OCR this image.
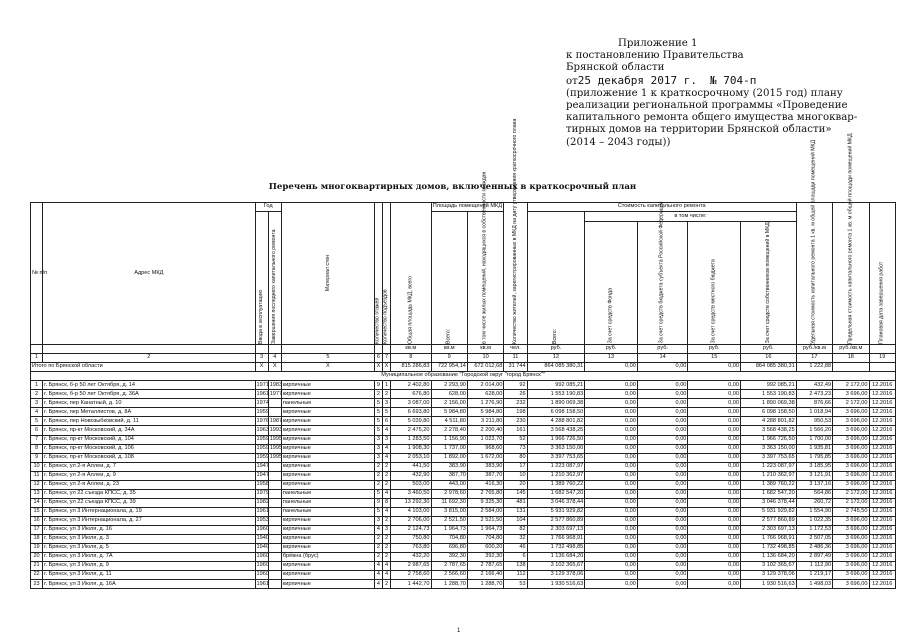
Приложение 1
к постановлению Правительства
Брянской области
от25 декабря 2017 г. № 704-п
(приложение 1 к краткосрочному (2015 год) плану
реализации региональной программы «Проведение
капитального ремонта общего имущества многоквар-
тирных домов на территории Брянской области»
(2014 – 2043 годы))
Перечень многоквартирных домов, включенных в краткосрочный план
№ п/п	Адрес МКД	Год		Материал стен	Количество этажей	Количество подъездов	Общая площадь МКД, всего	Площадь помещений МКД		Количество жителей, зарегистрированных в МКД на дату утверждения краткосрочного плана	Стоимость капитального ремонта					Удельная стоимость капитального ремонта 1 кв. м общей площади помещений МКД	Предельная стоимость капитального ремонта 1 кв. м общей площади помещений МКД	Плановая дата завершения работ
		Ввода в эксплуатацию	Завершения последнего капитального ремонта					Всего:	в том числе жилых помещений, находящихся в собственности граждан		Всего:	в том числе:						
												За счет средств Фонда	За счет средств бюджета субъекта Российской Федерации	За счет средств местного бюджета	За счет средств собственников помещений в МКД			
							кв.м	кв.м	кв.м	чел.	руб.	руб.	руб.	руб.	руб.	руб./кв.м	руб./кв.м	
1	2	3	4	5	6	7	8	9	10	11	12	13	14	15	16	17	18	19
Итого по Брянской области		X	X	X	X	X	815 286,83	722 954,14	672 012,68	31 744	864 085 380,31	0,00	0,00	0,00	864 085 380,31	1 222,88		
Муниципальное образование "Городской округ "город Брянск""																		
1	г. Брянск, б-р 50 лет Октября, д. 14	1971	1983	кирпичные	9	1	2 402,80	2 293,90	2 014,00	92	992 085,21	0,00	0,00	0,00	992 085,21	432,49	2 172,00	12.2016
2	г. Брянск, б-р 50 лет Октября, д. 36А	1961	1977	кирпичные	2	2	676,80	628,00	628,00	26	1 553 190,83	0,00	0,00	0,00	1 553 190,83	2 473,23	3 696,00	12.2016
3	г. Брянск, пер Канатный, д. 10	1974		панельные	5	3	3 087,00	2 156,00	1 276,90	232	1 890 069,38	0,00	0,00	0,00	1 890 069,38	876,66	2 172,00	12.2016
4	г. Брянск, пер Металлистов, д. 8А	1959		кирпичные	5	5	6 693,80	5 984,80	5 984,80	198	6 098 158,50	0,00	0,00	0,00	6 098 158,50	1 018,94	3 696,00	12.2016
5	г. Брянск, пер Новозыбковский, д. 11	1976	1987	кирпичные	5	6	5 039,80	4 511,80	3 211,80	230	4 288 801,82	0,00	0,00	0,00	4 288 801,82	950,53	3 696,00	12.2016
6	г. Брянск, пр-кт Московский, д. 34А	1963	1993	кирпичные	5	4	2 475,20	2 278,40	2 200,40	161	3 568 438,25	0,00	0,00	0,00	3 568 438,25	1 566,20	3 696,00	12.2016
7	г. Брянск, пр-кт Московский, д. 104	1959	1995	кирпичные	3	3	1 283,50	1 156,90	1 023,70	52	1 966 726,50	0,00	0,00	0,00	1 966 726,50	1 700,00	3 696,00	12.2016
8	г. Брянск, пр-кт Московский, д. 106	1959	1995	кирпичные	3	4	1 908,30	1 737,00	968,60	73	3 363 150,00	0,00	0,00	0,00	3 363 150,00	1 935,81	3 696,00	12.2016
9	г. Брянск, пр-кт Московский, д. 108	1959	1995	кирпичные	3	4	2 053,10	1 892,00	1 672,00	80	3 397 753,65	0,00	0,00	0,00	3 397 753,65	1 795,85	3 696,00	12.2016
10	г. Брянск, ул 2-я Аллеи, д. 7	1947		кирпичные	2	2	441,50	383,90	383,90	17	1 223 087,97	0,00	0,00	0,00	1 223 087,97	3 185,95	3 696,00	12.2016
11	г. Брянск, ул 2-я Аллеи, д. 9	1947		кирпичные	2	2	432,90	387,70	387,70	10	1 210 362,97	0,00	0,00	0,00	1 210 362,97	3 121,91	3 696,00	12.2016
12	г. Брянск, ул 2-я Аллеи, д. 23	1958		кирпичные	2	2	503,00	443,00	416,30	20	1 389 760,22	0,00	0,00	0,00	1 389 760,22	3 137,16	3 696,00	12.2016
13	г. Брянск, ул 22 съезда КПСС, д. 35	1979		панельные	5	4	3 460,50	2 978,60	2 765,80	145	1 682 547,20	0,00	0,00	0,00	1 682 547,20	564,86	2 172,00	12.2016
14	г. Брянск, ул 22 съезда КПСС, д. 39	1982		панельные	9	8	13 292,30	11 692,30	9 325,30	481	3 046 378,44	0,00	0,00	0,00	3 046 378,44	260,72	2 172,00	12.2016
15	г. Брянск, ул 3 Интернационала, д. 19	1961		панельные	5	4	4 103,00	3 815,00	2 584,00	131	5 931 929,82	0,00	0,00	0,00	5 931 929,82	1 554,90	2 745,50	12.2016
16	г. Брянск, ул 3 Интернационала, д. 27	1953		кирпичные	3	2	2 706,00	2 521,50	2 521,50	104	2 577 860,89	0,00	0,00	0,00	2 577 860,89	1 022,35	3 696,00	12.2016
17	г. Брянск, ул 3 Июля, д. 16	1960		кирпичные	4	3	2 124,73	1 964,73	1 964,73	82	2 303 697,13	0,00	0,00	0,00	2 303 697,13	1 172,53	3 696,00	12.2016
18	г. Брянск, ул 3 Июля, д. 3	1940		кирпичные	2	2	750,80	704,80	704,80	32	1 766 968,91	0,00	0,00	0,00	1 766 968,91	2 507,05	3 696,00	12.2016
19	г. Брянск, ул 3 Июля, д. 5	1940		кирпичные	2	2	763,80	696,80	600,20	46	1 732 498,85	0,00	0,00	0,00	1 732 498,85	2 486,36	3 696,00	12.2016
20	г. Брянск, ул 3 Июля, д. 7А	1960		брёвна (брус)	2	2	432,20	392,30	392,30	6	1 136 684,20	0,00	0,00	0,00	1 136 684,20	2 897,49	3 696,00	12.2016
21	г. Брянск, ул 3 Июля, д. 9	1960		кирпичные	4	4	2 987,65	2 787,65	2 787,65	138	3 102 365,67	0,00	0,00	0,00	3 102 365,67	1 112,90	3 696,00	12.2016
22	г. Брянск, ул 3 Июля, д. 11	1960		кирпичные	4	4	2 758,60	2 566,60	2 166,40	112	3 129 378,06	0,00	0,00	0,00	3 129 378,06	1 219,17	3 696,00	12.2016
23	г. Брянск, ул 3 Июля, д. 16А	1961		кирпичные	4	2	1 442,70	1 288,70	1 288,70	53	1 930 516,63	0,00	0,00	0,00	1 930 516,63	1 498,03	3 696,00	12.2016
1
